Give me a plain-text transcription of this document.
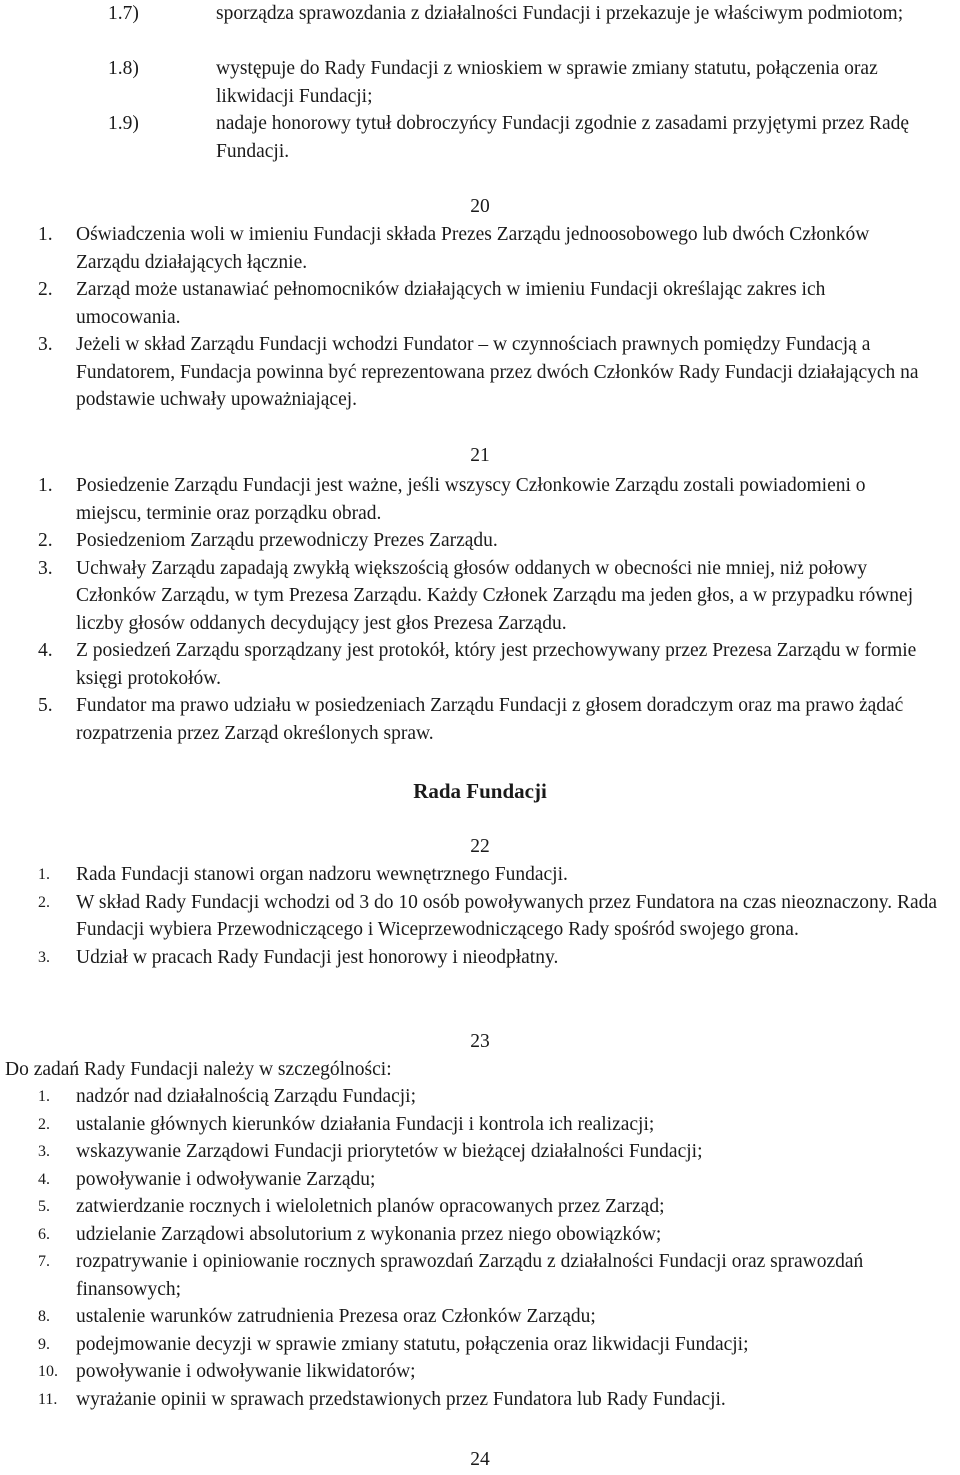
1.7)	sporządza sprawozdania z działalności Fundacji i przekazuje je właściwym podmiotom;
1.8)	występuje do Rady Fundacji z wnioskiem w sprawie zmiany statutu, połączenia oraz likwidacji Fundacji;
1.9)	nadaje honorowy tytuł dobroczyńcy Fundacji zgodnie z zasadami przyjętymi przez Radę Fundacji.
20
1.	Oświadczenia woli w imieniu Fundacji składa Prezes Zarządu jednoosobowego lub dwóch Członków Zarządu działających łącznie.
2.	Zarząd może ustanawiać pełnomocników działających w imieniu Fundacji określając zakres ich umocowania.
3.	Jeżeli w skład Zarządu Fundacji wchodzi Fundator – w czynnościach prawnych pomiędzy Fundacją a Fundatorem, Fundacja powinna być reprezentowana przez dwóch Członków Rady Fundacji działających na podstawie uchwały upoważniającej.
21
1.	Posiedzenie Zarządu Fundacji jest ważne, jeśli wszyscy Członkowie Zarządu zostali powiadomieni o miejscu, terminie oraz porządku obrad.
2.	Posiedzeniom Zarządu przewodniczy Prezes Zarządu.
3.	Uchwały Zarządu zapadają zwykłą większością głosów oddanych w obecności nie mniej, niż połowy Członków Zarządu, w tym Prezesa Zarządu. Każdy Członek Zarządu ma jeden głos, a w przypadku równej liczby głosów oddanych decydujący jest głos Prezesa Zarządu.
4.	Z posiedzeń Zarządu sporządzany jest protokół, który jest przechowywany przez Prezesa Zarządu w formie księgi protokołów.
5.	Fundator ma prawo udziału w posiedzeniach Zarządu Fundacji z głosem doradczym oraz ma prawo żądać rozpatrzenia przez Zarząd określonych spraw.
Rada Fundacji
22
1.	Rada Fundacji stanowi organ nadzoru wewnętrznego Fundacji.
2.	W skład Rady Fundacji wchodzi od 3 do 10 osób powoływanych przez Fundatora na czas nieoznaczony. Rada Fundacji wybiera Przewodniczącego i Wiceprzewodniczącego Rady spośród swojego grona.
3.	Udział w pracach Rady Fundacji jest honorowy i nieodpłatny.
23
Do zadań Rady Fundacji należy w szczególności:
1.	nadzór nad działalnością Zarządu Fundacji;
2.	ustalanie głównych kierunków działania Fundacji i kontrola ich realizacji;
3.	wskazywanie Zarządowi Fundacji priorytetów w bieżącej działalności Fundacji;
4.	powoływanie i odwoływanie Zarządu;
5.	zatwierdzanie rocznych i wieloletnich planów opracowanych przez Zarząd;
6.	udzielanie Zarządowi absolutorium z wykonania przez niego obowiązków;
7.	rozpatrywanie i opiniowanie rocznych sprawozdań Zarządu z działalności Fundacji oraz sprawozdań finansowych;
8.	ustalenie warunków zatrudnienia Prezesa oraz Członków Zarządu;
9.	podejmowanie decyzji w sprawie zmiany statutu, połączenia oraz likwidacji Fundacji;
10. powoływanie i odwoływanie likwidatorów;
11. wyrażanie opinii w sprawach przedstawionych przez Fundatora lub Rady Fundacji.
24
